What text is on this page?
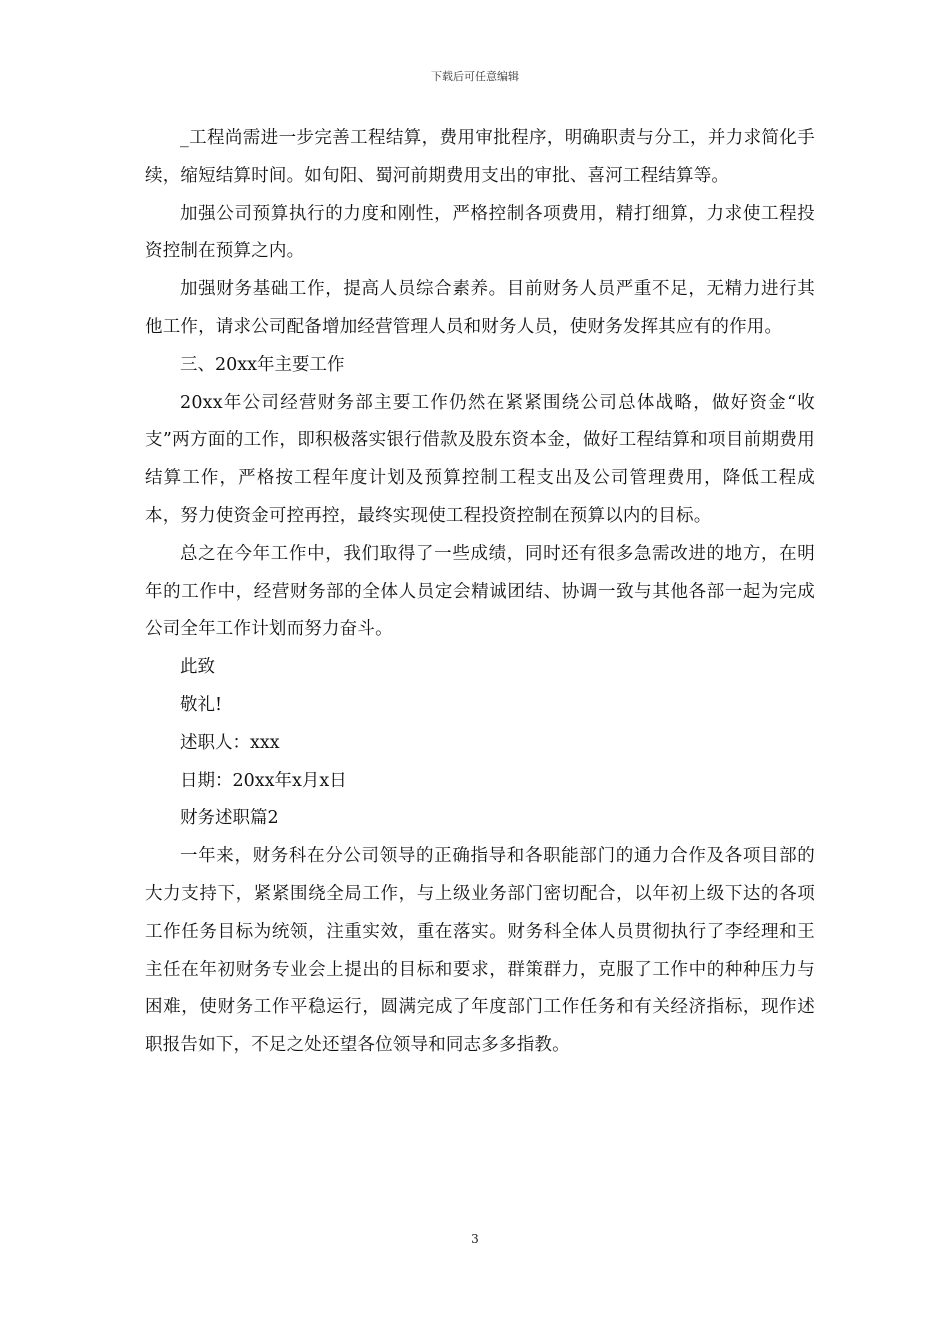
下载后可任意编辑

_工程尚需进一步完善工程结算，费用审批程序，明确职责与分工，并力求简化手续，缩短结算时间。如旬阳、蜀河前期费用支出的审批、喜河工程结算等。

加强公司预算执行的力度和刚性，严格控制各项费用，精打细算，力求使工程投资控制在预算之内。

加强财务基础工作，提高人员综合素养。目前财务人员严重不足，无精力进行其他工作，请求公司配备增加经营管理人员和财务人员，使财务发挥其应有的作用。

三、20xx年主要工作

20xx年公司经营财务部主要工作仍然在紧紧围绕公司总体战略，做好资金“收支”两方面的工作，即积极落实银行借款及股东资本金，做好工程结算和项目前期费用结算工作，严格按工程年度计划及预算控制工程支出及公司管理费用，降低工程成本，努力使资金可控再控，最终实现使工程投资控制在预算以内的目标。

总之在今年工作中，我们取得了一些成绩，同时还有很多急需改进的地方，在明年的工作中，经营财务部的全体人员定会精诚团结、协调一致与其他各部一起为完成公司全年工作计划而努力奋斗。

此致

敬礼!

述职人：xxx

日期：20xx年x月x日

财务述职篇2

一年来，财务科在分公司领导的正确指导和各职能部门的通力合作及各项目部的大力支持下，紧紧围绕全局工作，与上级业务部门密切配合，以年初上级下达的各项工作任务目标为统领，注重实效，重在落实。财务科全体人员贯彻执行了李经理和王主任在年初财务专业会上提出的目标和要求，群策群力，克服了工作中的种种压力与困难，使财务工作平稳运行，圆满完成了年度部门工作任务和有关经济指标，现作述职报告如下，不足之处还望各位领导和同志多多指教。

3
